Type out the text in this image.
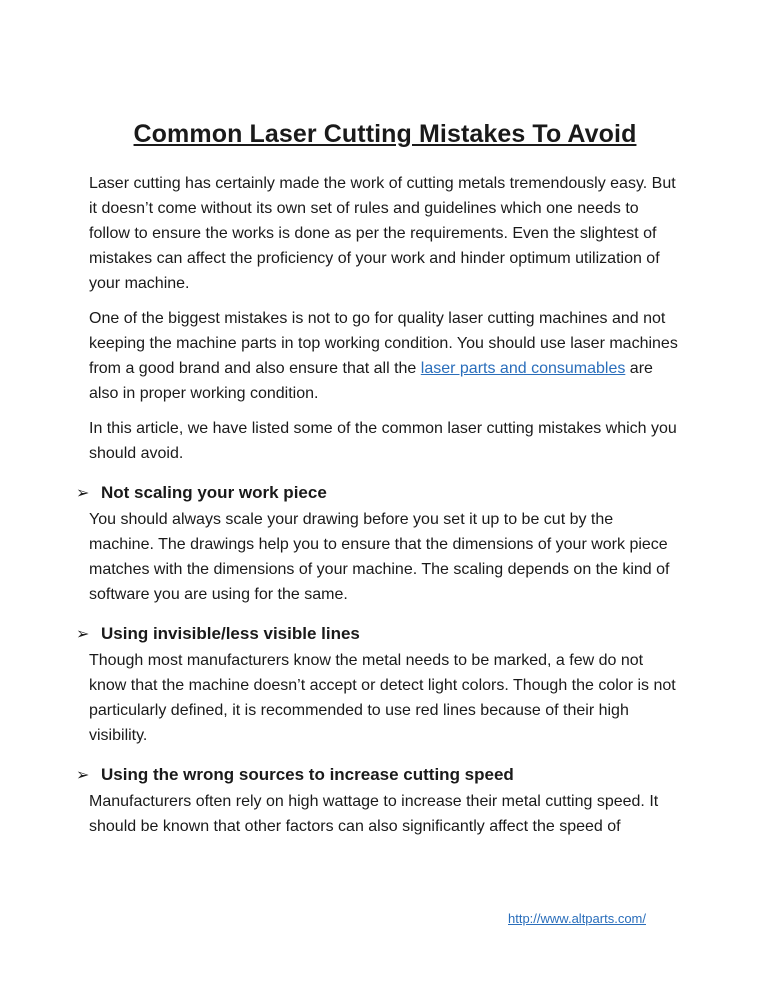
Common Laser Cutting Mistakes To Avoid

Laser cutting has certainly made the work of cutting metals tremendously easy. But it doesn’t come without its own set of rules and guidelines which one needs to follow to ensure the works is done as per the requirements. Even the slightest of mistakes can affect the proficiency of your work and hinder optimum utilization of your machine.

One of the biggest mistakes is not to go for quality laser cutting machines and not keeping the machine parts in top working condition. You should use laser machines from a good brand and also ensure that all the laser parts and consumables are also in proper working condition.

In this article, we have listed some of the common laser cutting mistakes which you should avoid.

➢ Not scaling your work piece

You should always scale your drawing before you set it up to be cut by the machine. The drawings help you to ensure that the dimensions of your work piece matches with the dimensions of your machine. The scaling depends on the kind of software you are using for the same.

➢ Using invisible/less visible lines

Though most manufacturers know the metal needs to be marked, a few do not know that the machine doesn’t accept or detect light colors. Though the color is not particularly defined, it is recommended to use red lines because of their high visibility.

➢ Using the wrong sources to increase cutting speed

Manufacturers often rely on high wattage to increase their metal cutting speed. It should be known that other factors can also significantly affect the speed of

http://www.altparts.com/
